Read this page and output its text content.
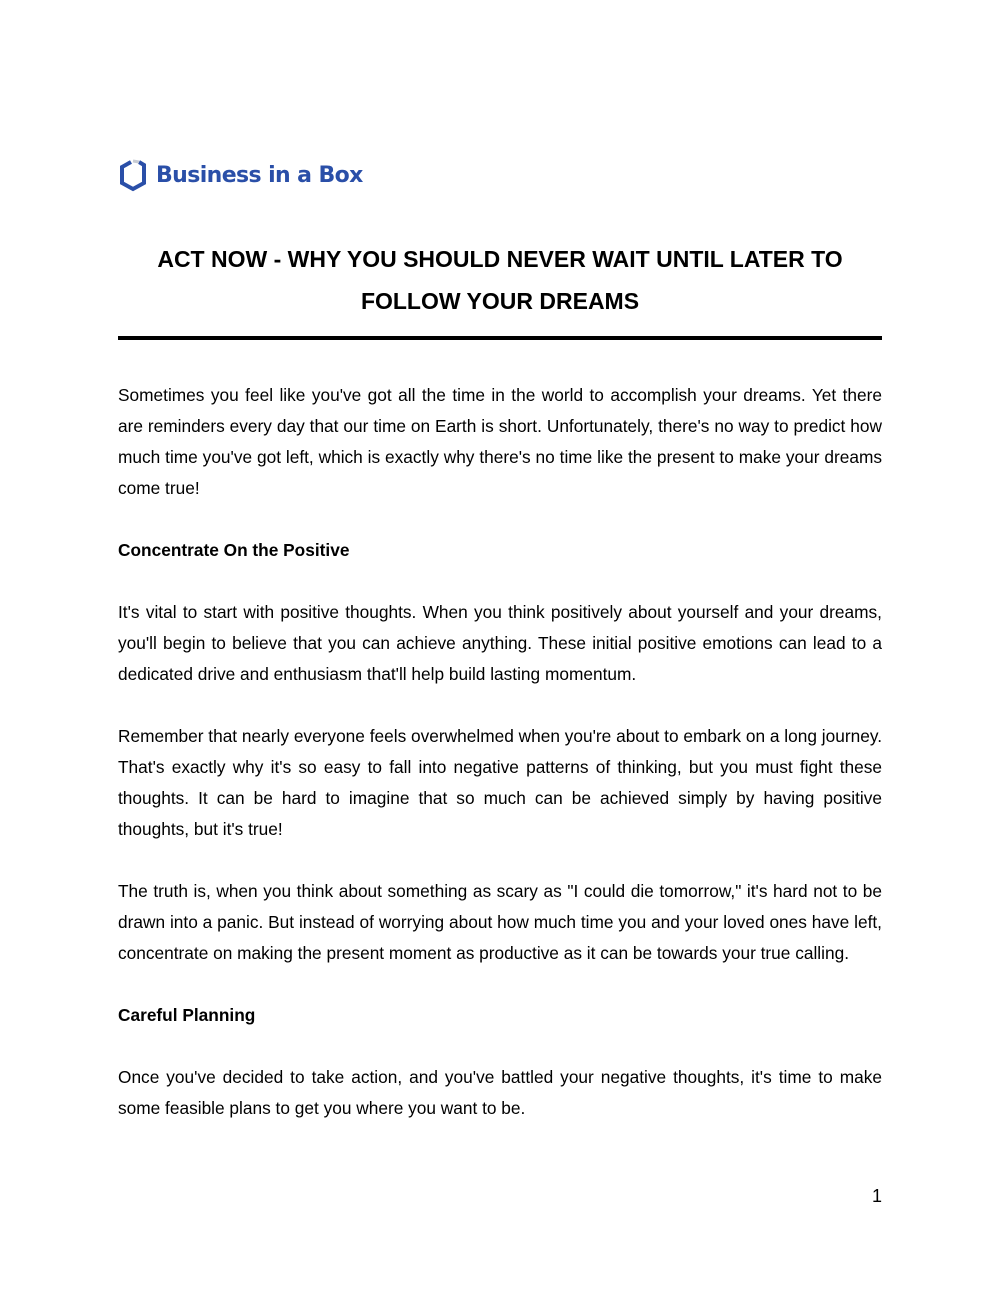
Business in a Box
ACT NOW - WHY YOU SHOULD NEVER WAIT UNTIL LATER TO FOLLOW YOUR DREAMS

Sometimes you feel like you've got all the time in the world to accomplish your dreams. Yet there are reminders every day that our time on Earth is short. Unfortunately, there's no way to predict how much time you've got left, which is exactly why there's no time like the present to make your dreams come true!

Concentrate On the Positive

It's vital to start with positive thoughts. When you think positively about yourself and your dreams, you'll begin to believe that you can achieve anything. These initial positive emotions can lead to a dedicated drive and enthusiasm that'll help build lasting momentum.

Remember that nearly everyone feels overwhelmed when you're about to embark on a long journey. That's exactly why it's so easy to fall into negative patterns of thinking, but you must fight these thoughts. It can be hard to imagine that so much can be achieved simply by having positive thoughts, but it's true!

The truth is, when you think about something as scary as "I could die tomorrow," it's hard not to be drawn into a panic. But instead of worrying about how much time you and your loved ones have left, concentrate on making the present moment as productive as it can be towards your true calling.

Careful Planning

Once you've decided to take action, and you've battled your negative thoughts, it's time to make some feasible plans to get you where you want to be.

1
